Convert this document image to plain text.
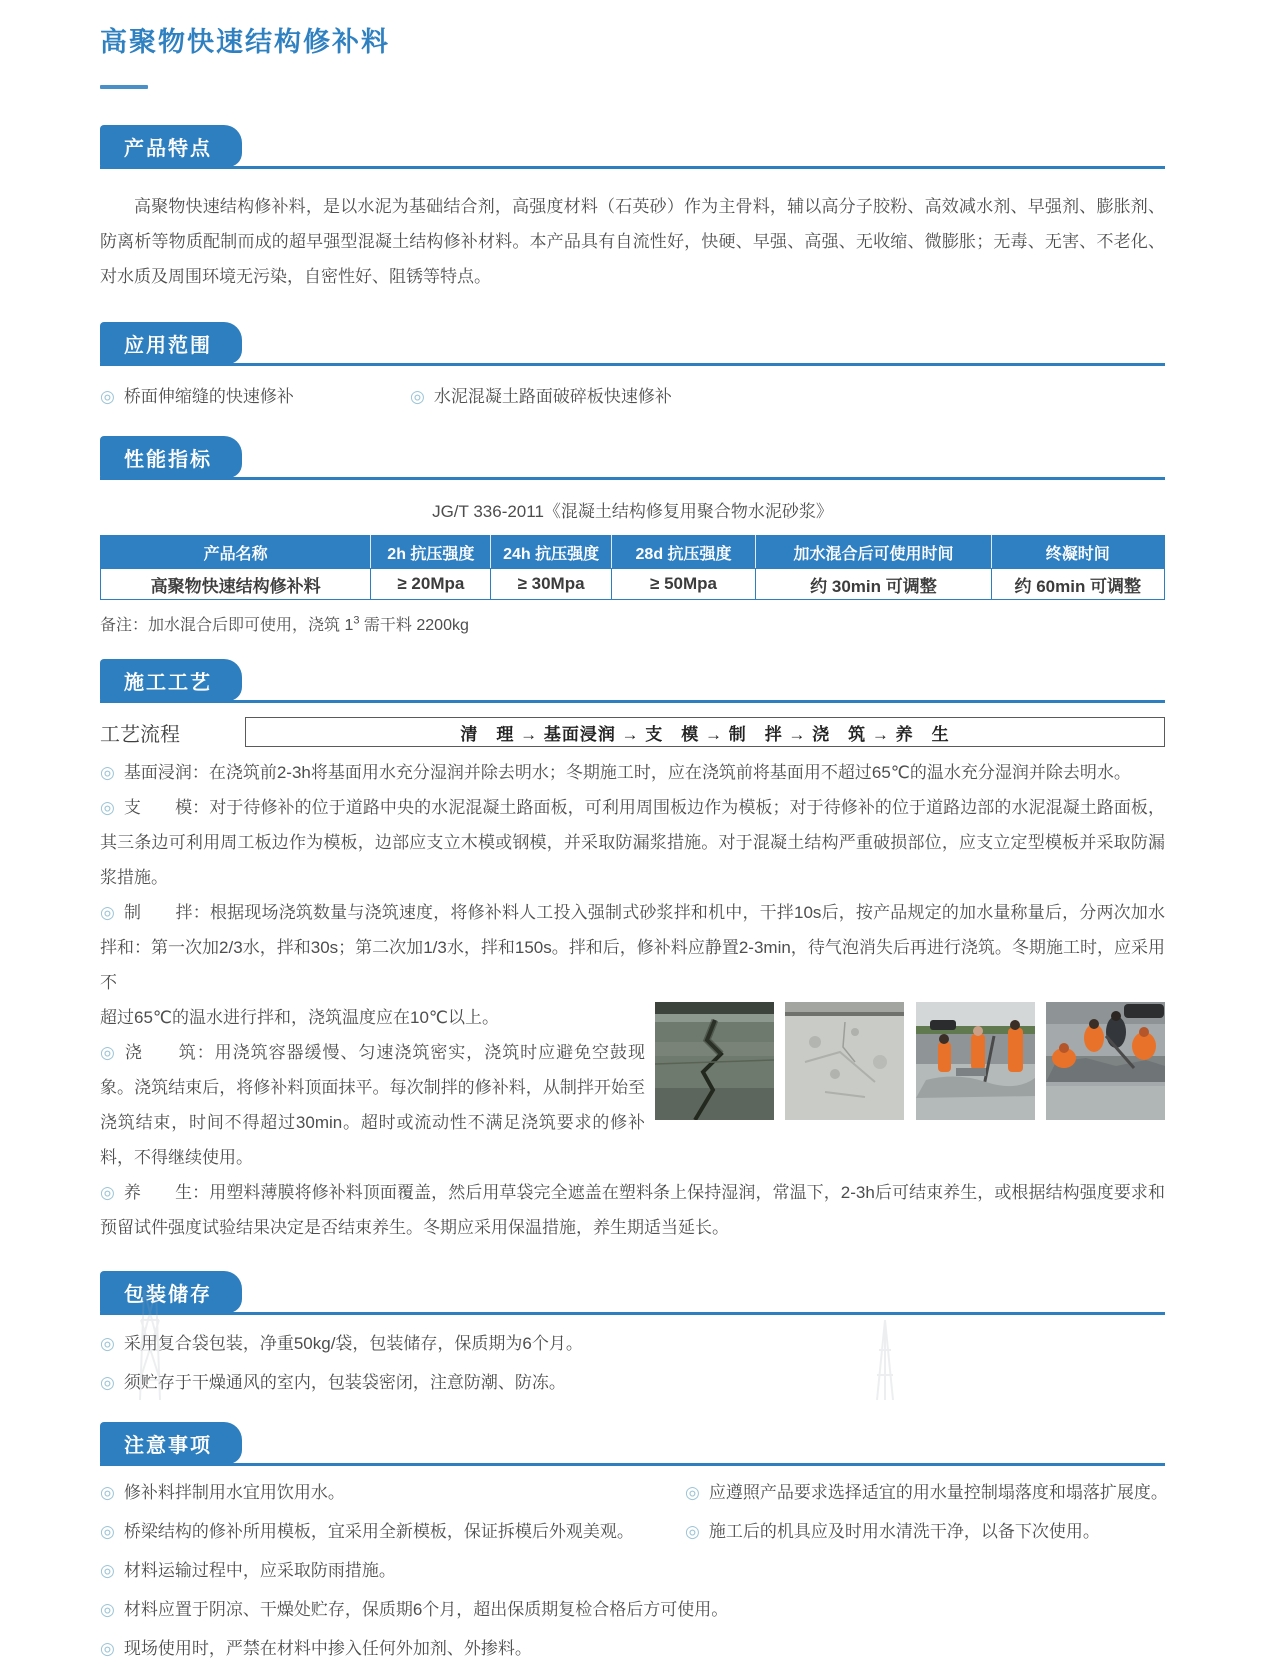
高聚物快速结构修补料
产品特点

高聚物快速结构修补料，是以水泥为基础结合剂，高强度材料（石英砂）作为主骨料，辅以高分子胶粉、高效减水剂、早强剂、膨胀剂、防离析等物质配制而成的超早强型混凝土结构修补材料。本产品具有自流性好，快硬、早强、高强、无收缩、微膨胀；无毒、无害、不老化、对水质及周围环境无污染，自密性好、阻锈等特点。

应用范围
◎ 桥面伸缩缝的快速修补	◎ 水泥混凝土路面破碎板快速修补
性能指标
JG/T 336-2011《混凝土结构修复用聚合物水泥砂浆》
产品名称	2h 抗压强度	24h 抗压强度	28d 抗压强度	加水混合后可使用时间	终凝时间
高聚物快速结构修补料	≥ 20Mpa	≥ 30Mpa	≥ 50Mpa	约 30min 可调整	约 60min 可调整
备注：加水混合后即可使用，浇筑 $1^3$ 需干料 2200kg
施工工艺
工艺流程	清　理 → 基面浸润 → 支　模 → 制　拌 → 浇　筑 → 养　生

◎ 基面浸润：在浇筑前2-3h将基面用水充分湿润并除去明水；冬期施工时，应在浇筑前将基面用不超过65℃的温水充分湿润并除去明水。

◎ 支　　模：对于待修补的位于道路中央的水泥混凝土路面板，可利用周围板边作为模板；对于待修补的位于道路边部的水泥混凝土路面板，其三条边可利用周工板边作为模板，边部应支立木模或钢模，并采取防漏浆措施。对于混凝土结构严重破损部位，应支立定型模板并采取防漏浆措施。

◎ 制　　拌：根据现场浇筑数量与浇筑速度，将修补料人工投入强制式砂浆拌和机中，干拌10s后，按产品规定的加水量称量后，分两次加水拌和：第一次加2/3水，拌和30s；第二次加1/3水，拌和150s。拌和后，修补料应静置2-3min，待气泡消失后再进行浇筑。冬期施工时，应采用不

超过65℃的温水进行拌和，浇筑温度应在10℃以上。

◎ 浇　　筑：用浇筑容器缓慢、匀速浇筑密实，浇筑时应避免空鼓现象。浇筑结束后，将修补料顶面抹平。每次制拌的修补料，从制拌开始至浇筑结束，时间不得超过30min。超时或流动性不满足浇筑要求的修补料，不得继续使用。

◎ 养　　生：用塑料薄膜将修补料顶面覆盖，然后用草袋完全遮盖在塑料条上保持湿润，常温下，2-3h后可结束养生，或根据结构强度要求和预留试件强度试验结果决定是否结束养生。冬期应采用保温措施，养生期适当延长。

包装储存
◎ 采用复合袋包装，净重50kg/袋，包装储存，保质期为6个月。
◎ 须贮存于干燥通风的室内，包装袋密闭，注意防潮、防冻。
注意事项
◎ 修补料拌制用水宜用饮用水。	◎ 应遵照产品要求选择适宜的用水量控制塌落度和塌落扩展度。
◎ 桥梁结构的修补所用模板，宜采用全新模板，保证拆模后外观美观。	◎ 施工后的机具应及时用水清洗干净，以备下次使用。
◎ 材料运输过程中，应采取防雨措施。
◎ 材料应置于阴凉、干燥处贮存，保质期6个月，超出保质期复检合格后方可使用。
◎ 现场使用时，严禁在材料中掺入任何外加剂、外掺料。
